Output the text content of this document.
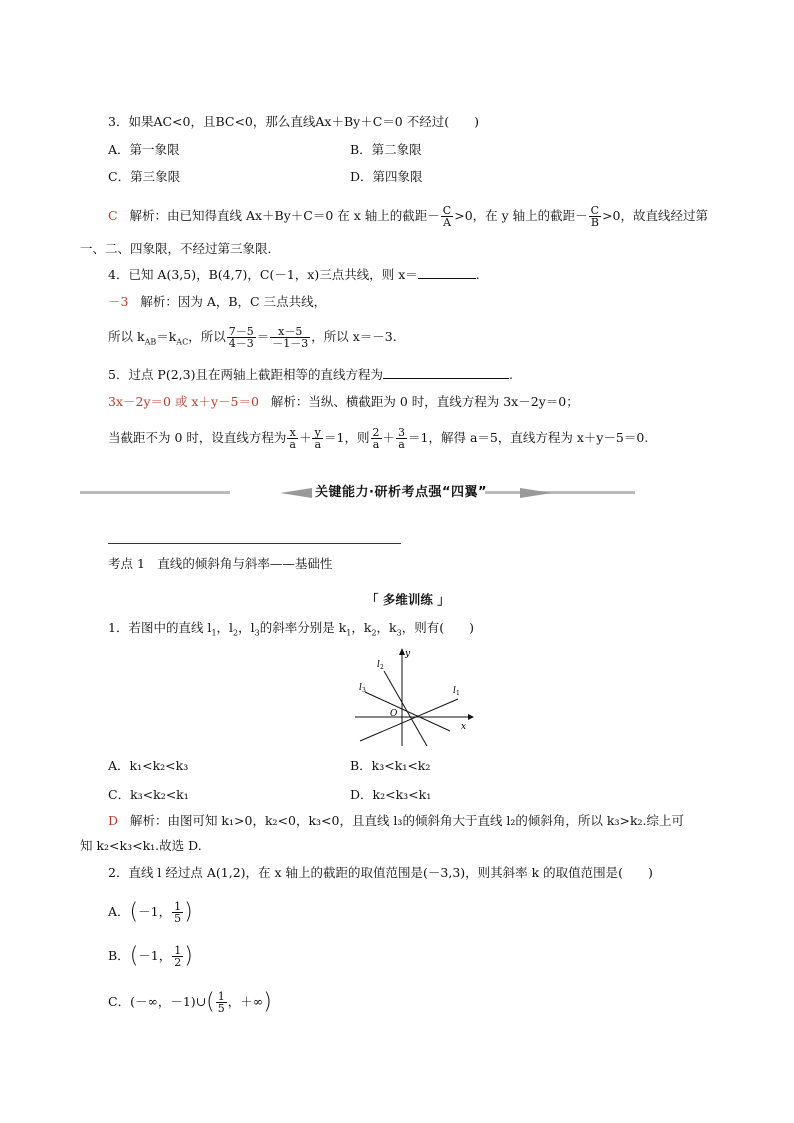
3．如果AC<0，且BC<0，那么直线Ax＋By＋C＝0 不经过(　　)
A．第一象限	B．第二象限
C．第三象限	D．第四象限
C 解析：由已知得直线 Ax＋By＋C＝0 在 x 轴上的截距－ $\frac{C}{A} >0$，在 y 轴上的截距－ $\frac{C}{B} >0$，故直线经过第
一、二、四象限，不经过第三象限．
4．已知 A(3,5)，B(4,7)，C(－1，x)三点共线，则 x＝	.
－3 解析：因为 A，B，C 三点共线，
所以 $k_{AB}=k_{AC}$，所以 $\frac{7-5}{4-3} = \frac{x-5}{-1-3}$ ，所以 x＝－3.
5．过点 P(2,3)且在两轴上截距相等的直线方程为	.
3x－2y＝0 或 x＋y－5＝0 解析：当纵、横截距为 0 时，直线方程为 3x－2y＝0；
当截距不为 0 时，设直线方程为 $\frac{x}{a} + \frac{y}{a} =1$，则 $\frac{2}{a} + \frac{3}{a} =1$，解得 a＝5，直线方程为 x＋y－5＝0.
关键能力·研析考点强“四翼”
考点 1　直线的倾斜角与斜率——基础性
「 多维训练 」
1．若图中的直线 $l_1$，$l_2$，$l_3$的斜率分别是 $k_1$，$k_2$，$k_3$，则有(　　)
y
x
O
l 1
l 2
l 3
A．k₁<k₂<k₃	B．k₃<k₁<k₂
C．k₃<k₂<k₁	D．k₂<k₃<k₁
D 解析：由图可知 k₁>0，k₂<0，k₃<0，且直线 l₃的倾斜角大于直线 l₂的倾斜角，所以 k₃>k₂.综上可
知 k₂<k₃<k₁.故选 D.
2．直线 l 经过点 A(1,2)，在 x 轴上的截距的取值范围是(－3,3)，则其斜率 k 的取值范围是(　　)
A．(－1， $\frac{1}{5}$ )
B．(－1， $\frac{1}{2}$ )
C．(－∞，－1)∪( $\frac{1}{5}$ ，＋∞)
